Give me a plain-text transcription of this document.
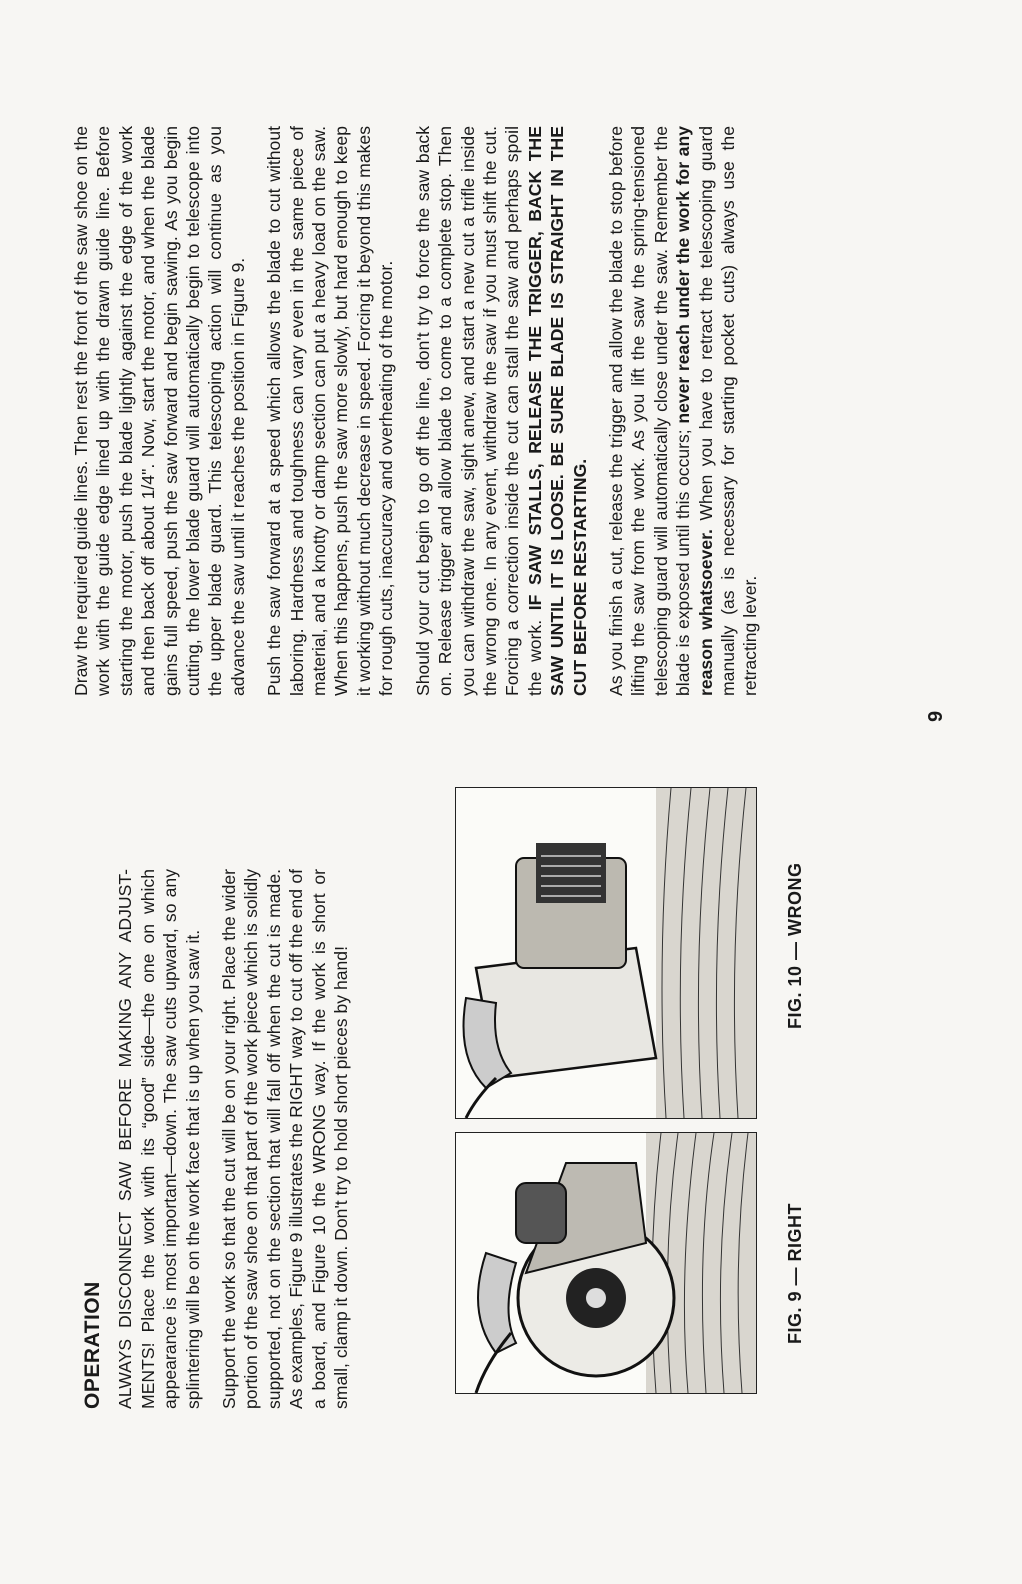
OPERATION ALWAYS DISCONNECT SAW BEFORE MAKING ANY ADJUST-MENTS! Place the work with its “good” side—the one on which appearance is most important—down. The saw cuts upward, so any splintering will be on the work face that is up when you saw it. Support the work so that the cut will be on your right. Place the wider portion of the saw shoe on that part of the work piece which is solidly supported, not on the section that will fall off when the cut is made. As examples, Figure 9 illustrates the RIGHT way to cut off the end of a board, and Figure 10 the WRONG way. If the work is short or small, clamp it down. Don't try to hold short pieces by hand!	FIG. 9 — RIGHT
FIG. 10 — WRONG

Draw the required guide lines. Then rest the front of the saw shoe on the work with the guide edge lined up with the drawn guide line. Before starting the motor, push the blade lightly against the edge of the work and then back off about 1/4". Now, start the motor, and when the blade gains full speed, push the saw forward and begin sawing. As you begin cutting, the lower blade guard will automatically begin to telescope into the upper blade guard. This telescoping action will continue as you advance the saw until it reaches the position in Figure 9. Push the saw forward at a speed which allows the blade to cut without laboring. Hardness and toughness can vary even in the same piece of material, and a knotty or damp section can put a heavy load on the saw. When this happens, push the saw more slowly, but hard enough to keep it working without much decrease in speed. Forcing it beyond this makes for rough cuts, inaccuracy and overheating of the motor. Should your cut begin to go off the line, don't try to force the saw back on. Release trigger and allow blade to come to a complete stop. Then you can withdraw the saw, sight anew, and start a new cut a trifle inside the wrong one. In any event, withdraw the saw if you must shift the cut. Forcing a correction inside the cut can stall the saw and perhaps spoil the work. IF SAW STALLS, RELEASE THE TRIGGER, BACK THE SAW UNTIL IT IS LOOSE. BE SURE BLADE IS STRAIGHT IN THE CUT BEFORE RESTARTING. As you finish a cut, release the trigger and allow the blade to stop before lifting the saw from the work. As you lift the saw the spring-tensioned telescoping guard will automatically close under the saw. Remember the blade is exposed until this occurs; never reach under the work for any reason whatsoever. When you have to retract the telescoping guard manually (as is necessary for starting pocket cuts) always use the retracting lever.

9
